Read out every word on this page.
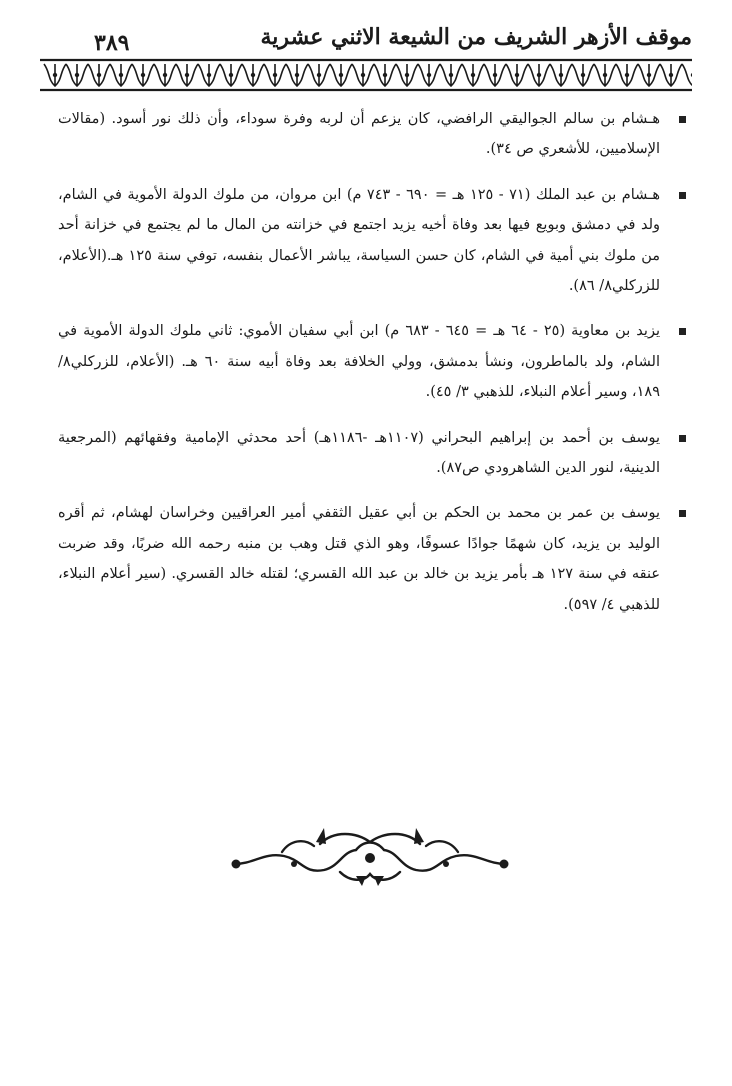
موقف الأزهر الشريف من الشيعة الاثني عشرية
٣٨٩
هـشام بن سالم الجواليقي الرافضي، كان يزعم أن لربه وفرة سوداء، وأن ذلك نور أسود. (مقالات الإسلاميين، للأشعري ص ٣٤).
هـشام بن عبد الملك (٧١ - ١٢٥ هـ = ٦٩٠ - ٧٤٣ م) ابن مروان، من ملوك الدولة الأموية في الشام، ولد في دمشق وبويع فيها بعد وفاة أخيه يزيد اجتمع في خزانته من المال ما لم يجتمع في خزانة أحد من ملوك بني أمية في الشام، كان حسن السياسة، يباشر الأعمال بنفسه، توفي سنة ١٢٥ هـ.(الأعلام، للزركلي٨/ ٨٦).
يزيد بن معاوية (٢٥ - ٦٤ هـ = ٦٤٥ - ٦٨٣ م) ابن أبي سفيان الأموي: ثاني ملوك الدولة الأموية في الشام، ولد بالماطرون، ونشأ بدمشق، وولي الخلافة بعد وفاة أبيه سنة ٦٠ هـ. (الأعلام، للزركلي٨/ ١٨٩، وسير أعلام النبلاء، للذهبي ٣/ ٤٥).
يوسف بن أحمد بن إبراهيم البحراني (١١٠٧هـ -١١٨٦هـ) أحد محدثي الإمامية وفقهائهم (المرجعية الدينية، لنور الدين الشاهرودي ص٨٧).
يوسف بن عمر بن محمد بن الحكم بن أبي عقيل الثقفي أمير العراقيين وخراسان لهشام، ثم أقره الوليد بن يزيد، كان شهمًا جوادًا عسوفًا، وهو الذي قتل وهب بن منبه رحمه الله ضربًا، وقد ضربت عنقه في سنة ١٢٧ هـ بأمر يزيد بن خالد بن عبد الله القسري؛ لقتله خالد القسري. (سير أعلام النبلاء، للذهبي ٤/ ٥٩٧).
